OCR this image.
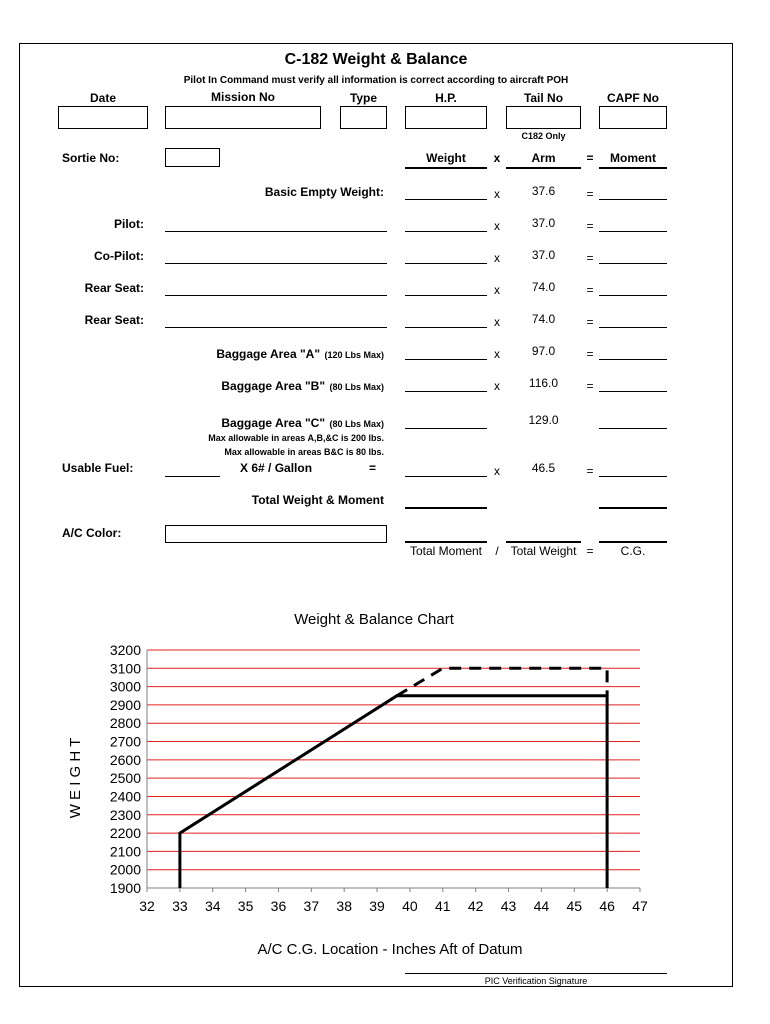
C-182 Weight & Balance
Pilot In Command must verify all information is correct according to aircraft POH
Date	Mission No	Type	H.P.	Tail No	CAPF No
C182 Only
Sortie No:	Weight	x	Arm	=	Moment
Basic Empty Weight:	x	37.6	=
Pilot:	x	37.0	=
Co-Pilot:	x	37.0	=
Rear Seat:	x	74.0	=
Rear Seat:	x	74.0	=
Baggage Area "A" (120 Lbs Max)	x	97.0	=
Baggage Area "B" (80 Lbs Max)	x	116.0	=
Baggage Area "C" (80 Lbs Max)	129.0
Max allowable in areas A,B,&C is 200 lbs.
Max allowable in areas B&C is 80 lbs.
Usable Fuel:	X 6# / Gallon	=	x	46.5	=
Total Weight & Moment
A/C Color:
Total Moment	/ Total Weight =	C.G.
Weight & Balance Chart
A/C C.G. Location - Inches Aft of Datum
W E I G H T
1900
2000
2100
2200
2300
2400
2500
2600
2700
2800
2900
3000
3100
3200
32 33 34 35 36 37 38 39 40 41 42 43 44 45 46 47
PIC Verification Signature
